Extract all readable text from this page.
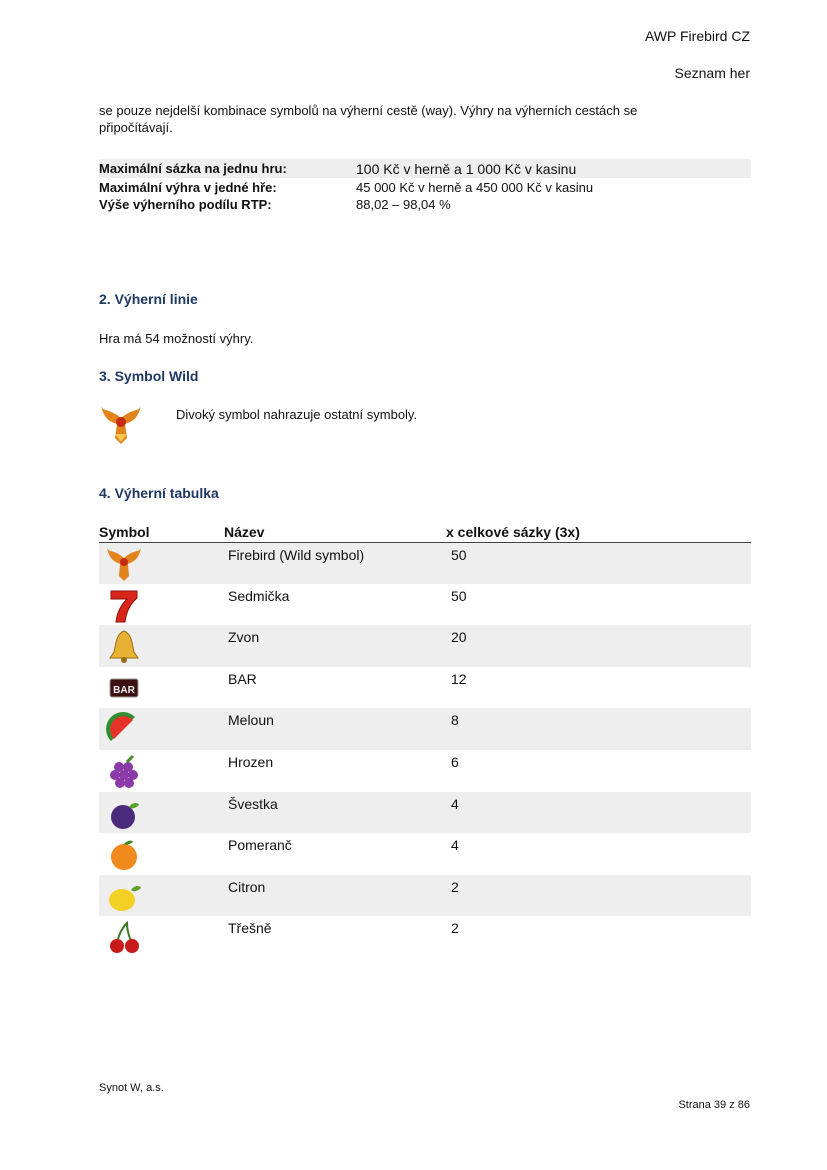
AWP Firebird CZ
Seznam her
se pouze nejdelší kombinace symbolů na výherní cestě (way). Výhry na výherních cestách se
připočítávají.
Maximální sázka na jednu hru:	100 Kč v herně a 1 000 Kč v kasinu
Maximální výhra v jedné hře:	45 000 Kč v herně a 450 000 Kč v kasinu
Výše výherního podílu RTP:	88,02 – 98,04 %
2. Výherní linie
Hra má 54 možností výhry.
3. Symbol Wild
Divoký symbol nahrazuje ostatní symboly.
4. Výherní tabulka
Symbol	Název	x celkové sázky (3x)

	Firebird (Wild symbol)	50

	Sedmička	50

	Zvon	20

BAR	BAR	12

	Meloun	8

	Hrozen	6

	Švestka	4

	Pomeranč	4

	Citron	2

	Třešně	2
Synot W, a.s.
Strana 39 z 86
